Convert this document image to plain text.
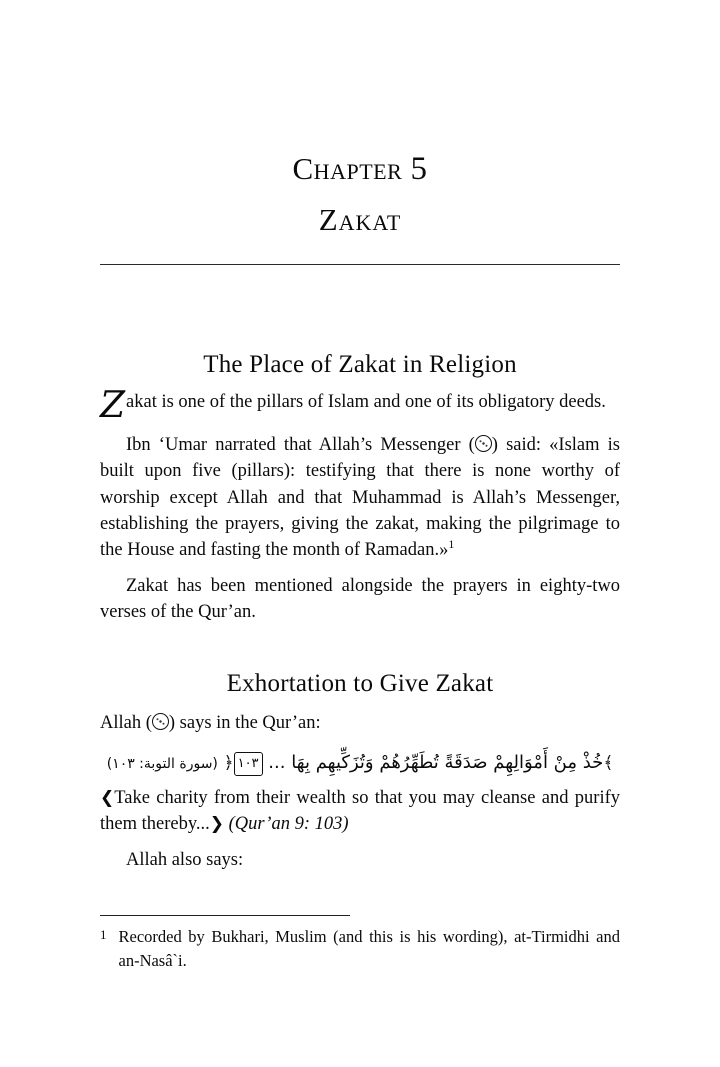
Chapter 5
Zakat
The Place of Zakat in Religion

Zakat is one of the pillars of Islam and one of its obligatory deeds.

Ibn ‘Umar narrated that Allah’s Messenger ( ) said: «Islam is built upon five (pillars): testifying that there is none worthy of worship except Allah and that Muhammad is Allah’s Messenger, establishing the prayers, giving the zakat, making the pilgrimage to the House and fasting the month of Ramadan.»$^1$

Zakat has been mentioned alongside the prayers in eighty-two verses of the Qur’an.

Exhortation to Give Zakat

Allah ( ) says in the Qur’an:

﴾خُذْ مِنْ أَمْوَالِهِمْ صَدَقَةً تُطَهِّرُهُمْ وَتُزَكِّيهِم بِهَا ... ١٠٣﴿ (سورة التوبة: ١٠٣)

❮Take charity from their wealth so that you may cleanse and purify them thereby...❯ (Qur’an 9: 103)

Allah also says:

1 Recorded by Bukhari, Muslim (and this is his wording), at-Tirmidhi and an-Nasâ`i.
